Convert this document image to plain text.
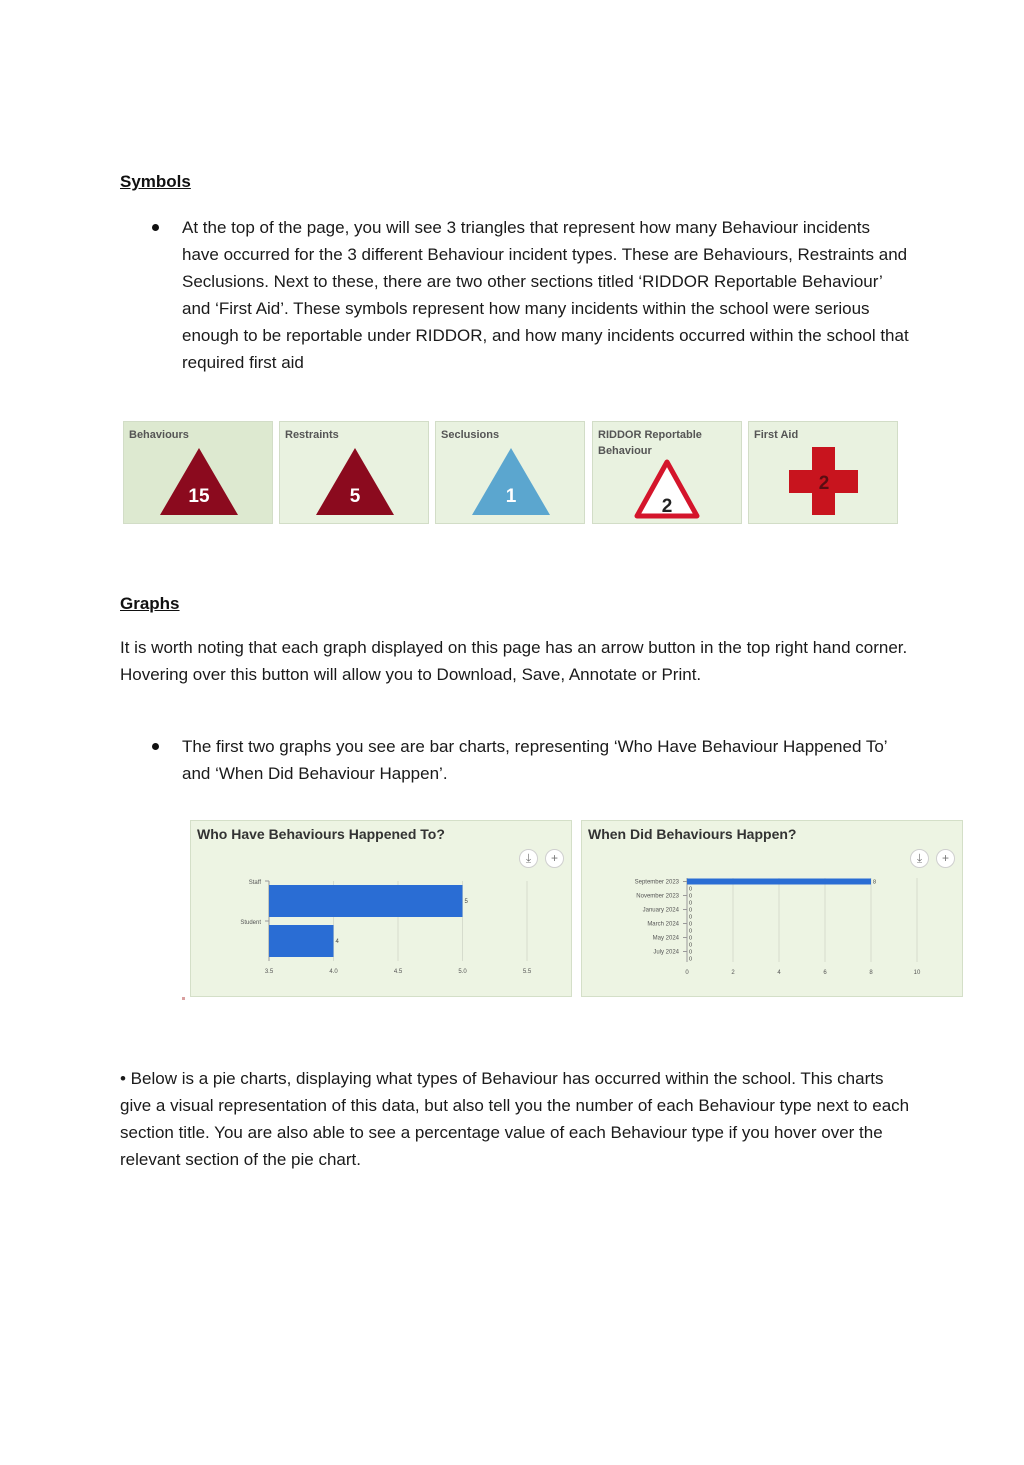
Symbols
At the top of the page, you will see 3 triangles that represent how many Behaviour incidents have occurred for the 3 different Behaviour incident types. These are Behaviours, Restraints and Seclusions. Next to these, there are two other sections titled ‘RIDDOR Reportable Behaviour’ and ‘First Aid’. These symbols represent how many incidents within the school were serious enough to be reportable under RIDDOR, and how many incidents occurred within the school that required first aid
Behaviours
15
Restraints
5
Seclusions
1
RIDDOR Reportable Behaviour
2
First Aid
2
Graphs
It is worth noting that each graph displayed on this page has an arrow button in the top right hand corner. Hovering over this button will allow you to Download, Save, Annotate or Print.
The first two graphs you see are bar charts, representing ‘Who Have Behaviour Happened To’ and ‘When Did Behaviour Happen’.
Who Have Behaviours Happened To?
⤓	+
3.5	4.0	4.5	5.0	5.5
5
Staff
4
Student
When Did Behaviours Happen?
⤓	+
0	2	4	6	8	10
8
September 2023
0
0
November 2023
0
0
January 2024
0
0
March 2024
0
0
May 2024
0
0
July 2024
0
• Below is a pie charts, displaying what types of Behaviour has occurred within the school. This charts give a visual representation of this data, but also tell you the number of each Behaviour type next to each section title. You are also able to see a percentage value of each Behaviour type if you hover over the relevant section of the pie chart.
